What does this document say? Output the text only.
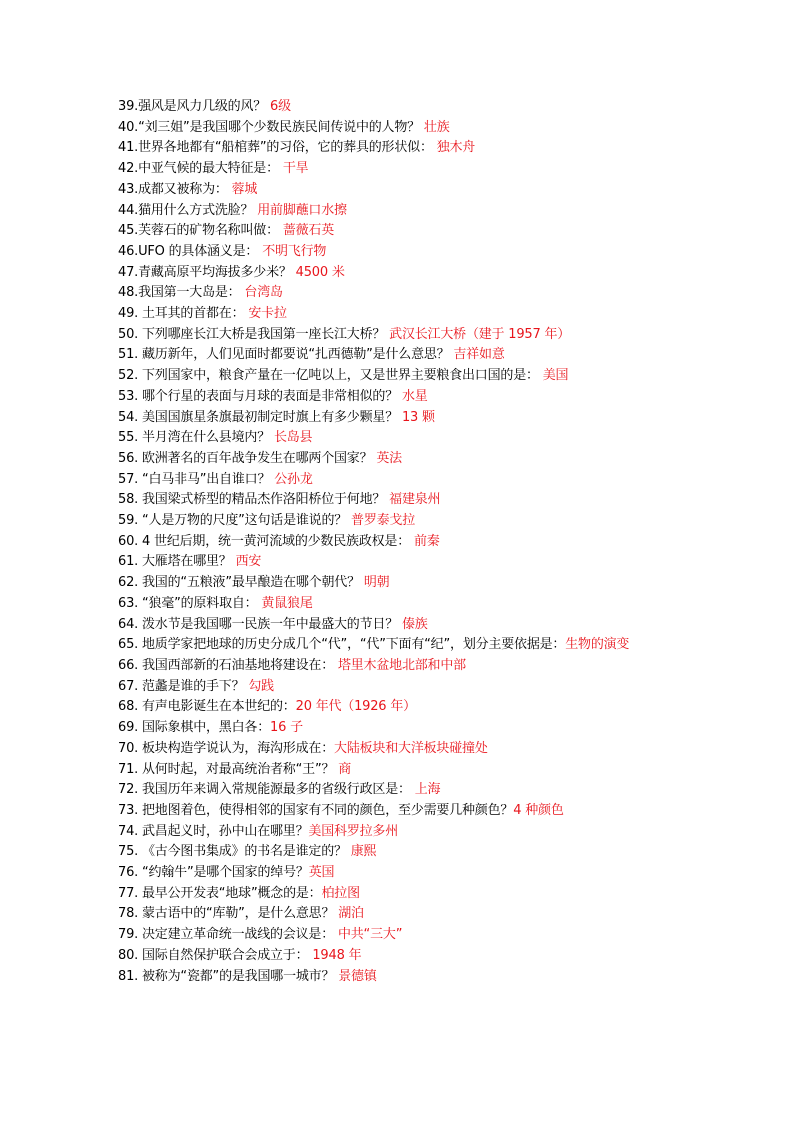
39.强风是风力几级的风？ 6级
40.“刘三姐”是我国哪个少数民族民间传说中的人物？ 壮族
41.世界各地都有“船棺葬”的习俗，它的葬具的形状似： 独木舟
42.中亚气候的最大特征是： 干旱
43.成都又被称为： 蓉城
44.猫用什么方式洗脸？ 用前脚蘸口水擦
45.芙蓉石的矿物名称叫做： 蔷薇石英
46.UFO 的具体涵义是： 不明飞行物
47.青藏高原平均海拔多少米？ 4500 米
48.我国第一大岛是： 台湾岛
49. 土耳其的首都在： 安卡拉
50. 下列哪座长江大桥是我国第一座长江大桥？ 武汉长江大桥（建于 1957 年）
51. 藏历新年，人们见面时都要说“扎西德勒”是什么意思？ 吉祥如意
52. 下列国家中，粮食产量在一亿吨以上，又是世界主要粮食出口国的是： 美国
53. 哪个行星的表面与月球的表面是非常相似的？ 水星
54. 美国国旗星条旗最初制定时旗上有多少颗星？ 13 颗
55. 半月湾在什么县境内？ 长岛县
56. 欧洲著名的百年战争发生在哪两个国家？ 英法
57. “白马非马”出自谁口？ 公孙龙
58. 我国梁式桥型的精品杰作洛阳桥位于何地？ 福建泉州
59. “人是万物的尺度”这句话是谁说的？ 普罗泰戈拉
60. 4 世纪后期，统一黄河流域的少数民族政权是： 前秦
61. 大雁塔在哪里？ 西安
62. 我国的“五粮液”最早酿造在哪个朝代？ 明朝
63. “狼毫”的原料取自： 黄鼠狼尾
64. 泼水节是我国哪一民族一年中最盛大的节日？ 傣族
65. 地质学家把地球的历史分成几个“代”，“代”下面有“纪”，划分主要依据是：生物的演变
66. 我国西部新的石油基地将建设在： 塔里木盆地北部和中部
67. 范蠡是谁的手下？ 勾践
68. 有声电影诞生在本世纪的：20 年代（1926 年）
69. 国际象棋中，黑白各：16 子
70. 板块构造学说认为，海沟形成在：大陆板块和大洋板块碰撞处
71. 从何时起，对最高统治者称“王”？ 商
72. 我国历年来调入常规能源最多的省级行政区是： 上海
73. 把地图着色，使得相邻的国家有不同的颜色，至少需要几种颜色？4 种颜色
74. 武昌起义时，孙中山在哪里？美国科罗拉多州
75. 《古今图书集成》的书名是谁定的？ 康熙
76. “约翰牛”是哪个国家的绰号？英国
77. 最早公开发表“地球”概念的是：柏拉图
78. 蒙古语中的“库勒”，是什么意思？ 湖泊
79. 决定建立革命统一战线的会议是： 中共“三大”
80. 国际自然保护联合会成立于： 1948 年
81. 被称为“瓷都”的是我国哪一城市？ 景德镇
